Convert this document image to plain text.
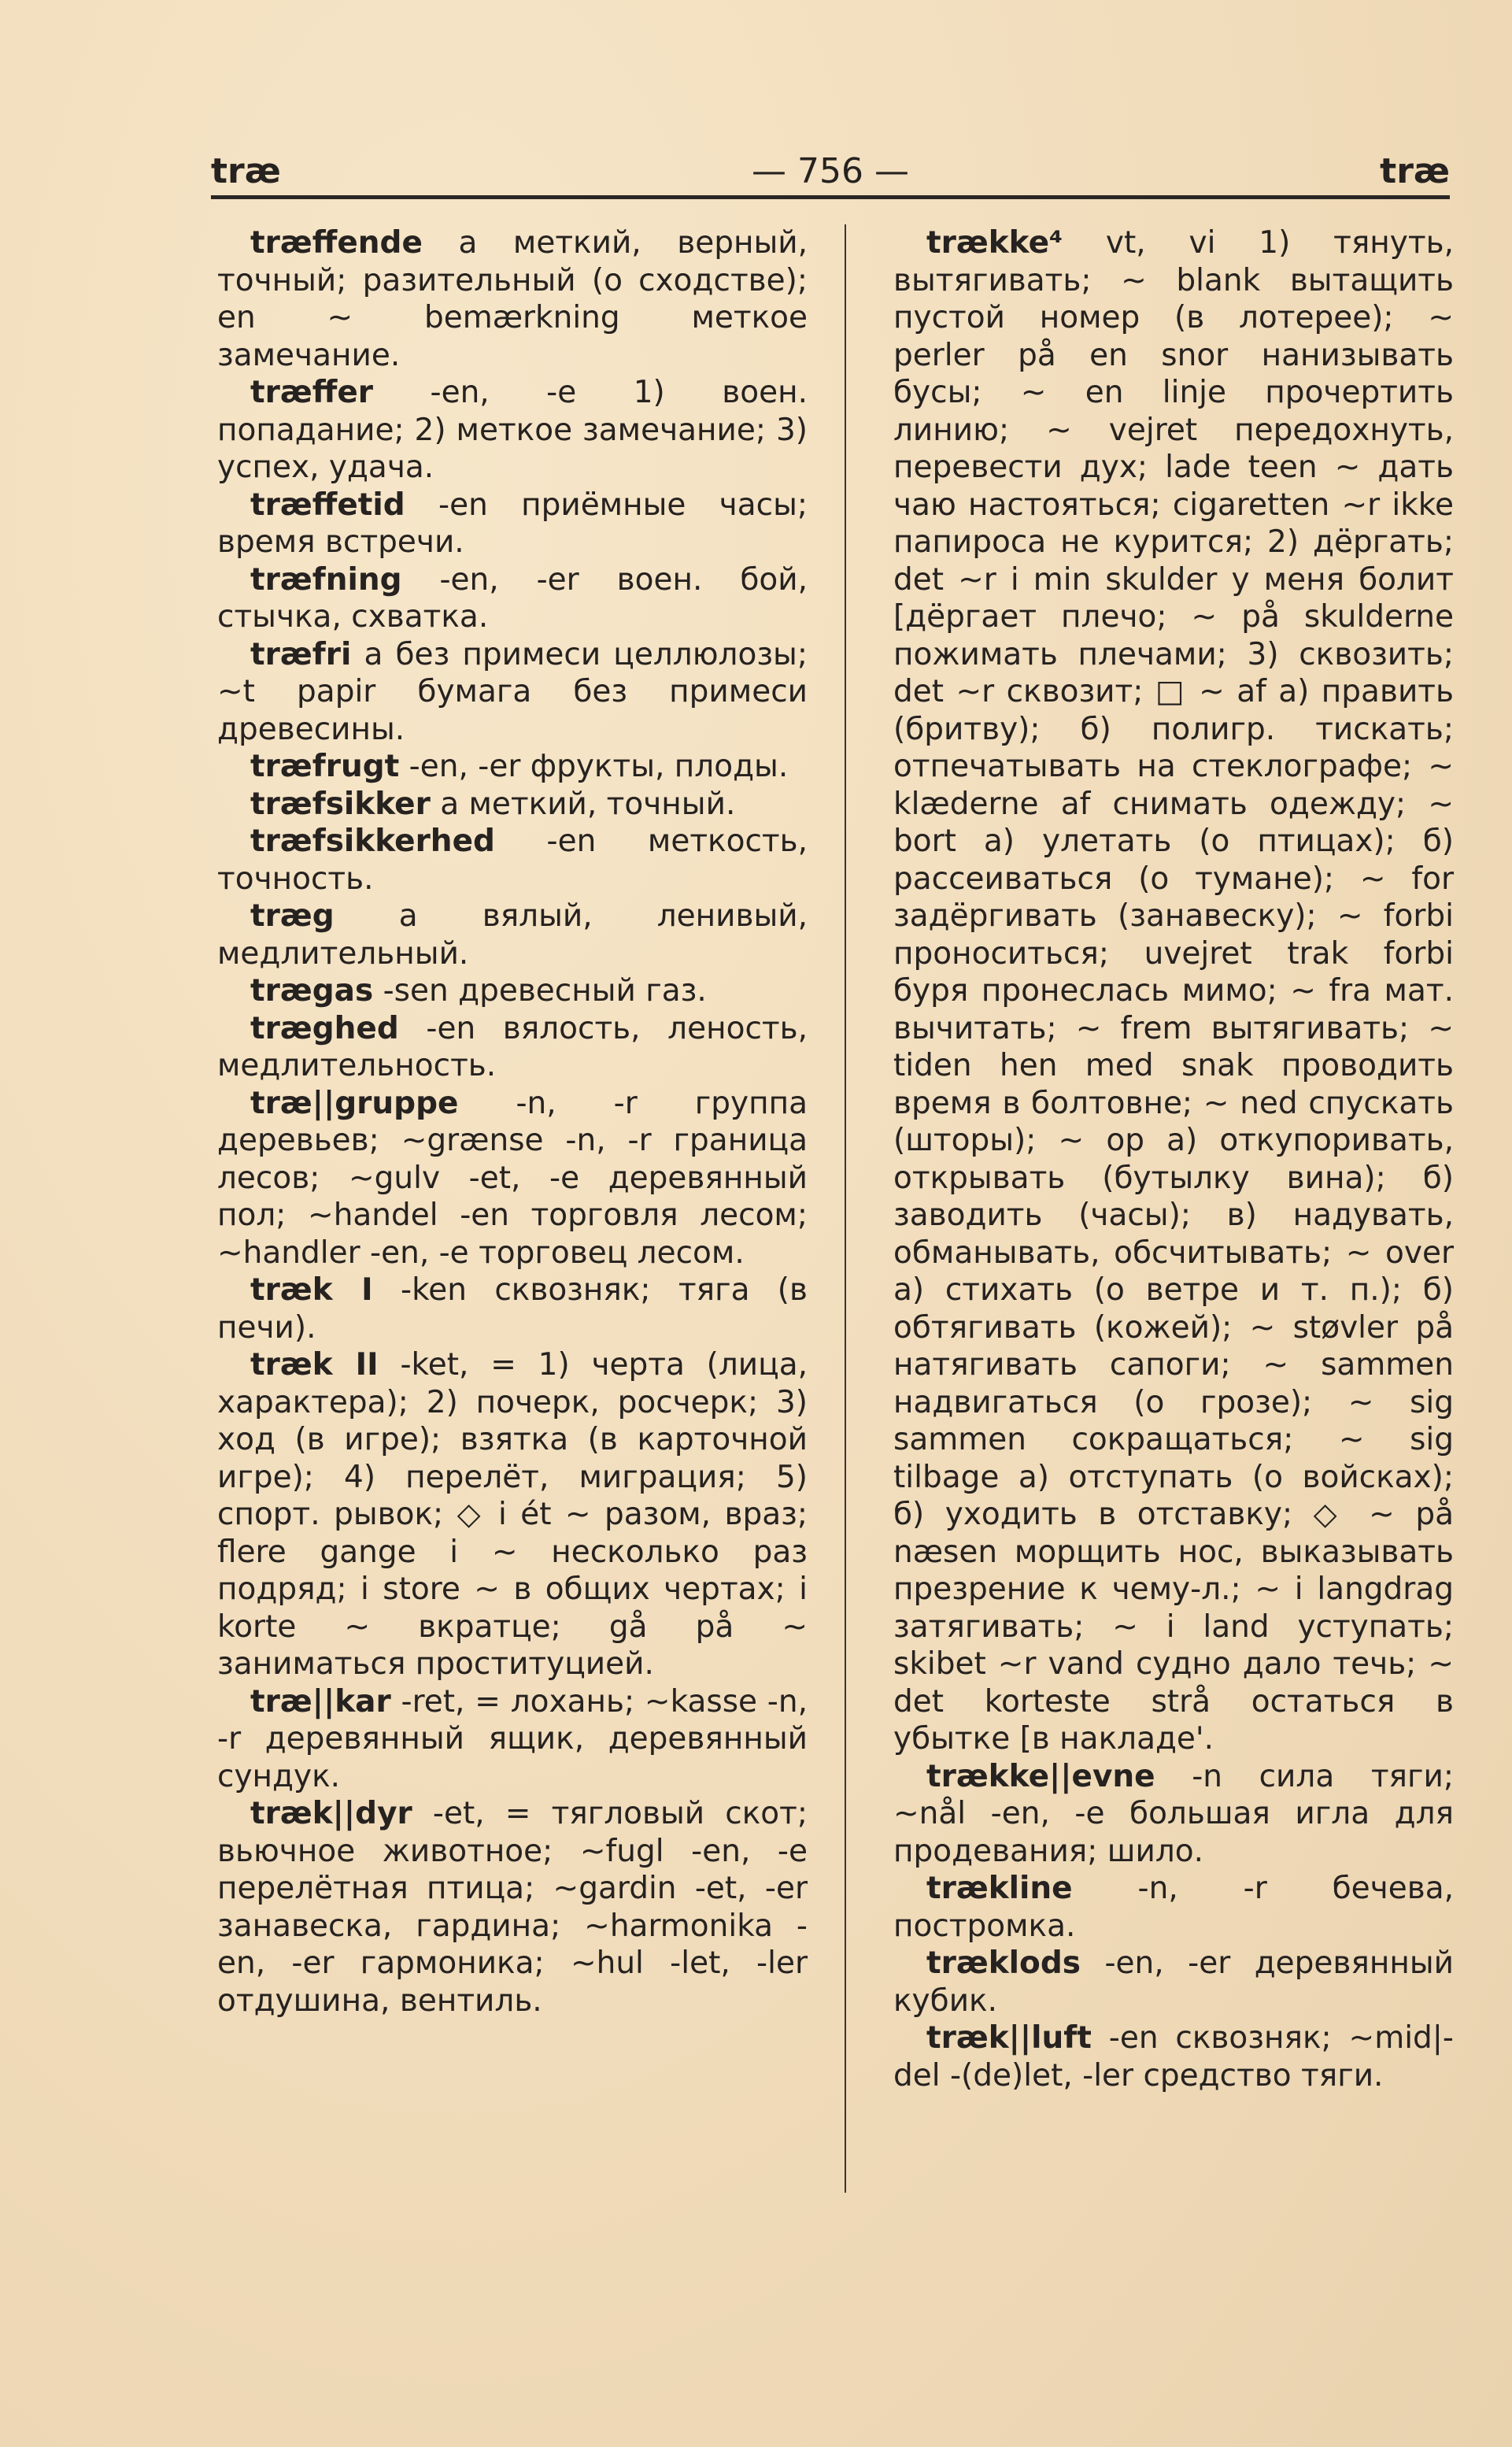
træ	— 756 —	træ

træffende a меткий, верный, точный; разительный (о сходстве); en ~ bemærkning меткое замечание.

træffer -en, -e 1) воен. попадание; 2) меткое замечание; 3) успех, удача.

træffetid -en приёмные часы; время встречи.

træfning -en, -er воен. бой, стычка, схватка.

træfri a без примеси целлюлозы; ~t papir бумага без примеси древесины.

træfrugt -en, -er фрукты, плоды.

træfsikker a меткий, точный.

træfsikkerhed -en меткость, точность.

træg a вялый, ленивый, медлительный.

trægas -sen древесный газ.

træghed -en вялость, леность, медлительность.

træ||gruppe -n, -r группа деревьев; ~grænse -n, -r граница лесов; ~gulv -et, -e деревянный пол; ~handel -en торговля лесом; ~handler -en, -e торговец лесом.

træk I -ken сквозняк; тяга (в печи).

træk II -ket, = 1) черта (лица, характера); 2) почерк, росчерк; 3) ход (в игре); взятка (в карточной игре); 4) перелёт, миграция; 5) спорт. рывок; ◇ i ét ~ разом, враз; flere gange i ~ несколько раз подряд; i store ~ в общих чертах; i korte ~ вкратце; gå på ~ заниматься проституцией.

træ||kar -ret, = лохань; ~kasse -n, -r деревянный ящик, деревянный сундук.

træk||dyr -et, = тягловый скот; вьючное животное; ~fugl -en, -e перелётная птица; ~gardin -et, -er занавеска, гардина; ~harmonika -en, -er гармоника; ~hul -let, -ler отдушина, вентиль.

trække⁴ vt, vi 1) тянуть, вытягивать; ~ blank вытащить пустой номер (в лотерее); ~ perler på en snor нанизывать бусы; ~ en linje прочертить линию; ~ vejret передохнуть, перевести дух; lade teen ~ дать чаю настояться; cigaretten ~r ikke папироса не курится; 2) дёргать; det ~r i min skulder у меня болит [дёргает плечо; ~ på skulderne пожимать плечами; 3) сквозить; det ~r сквозит; □ ~ af а) править (бритву); б) полигр. тискать; отпечатывать на стеклографе; ~ klæderne af снимать одежду; ~ bort а) улетать (о птицах); б) рассеиваться (о тумане); ~ for задёргивать (занавеску); ~ forbi проноситься; uvejret trak forbi буря пронеслась мимо; ~ fra мат. вычитать; ~ frem вытягивать; ~ tiden hen med snak проводить время в болтовне; ~ ned спускать (шторы); ~ op а) откупоривать, открывать (бутылку вина); б) заводить (часы); в) надувать, обманывать, обсчитывать; ~ over а) стихать (о ветре и т. п.); б) обтягивать (кожей); ~ støvler på натягивать сапоги; ~ sammen надвигаться (о грозе); ~ sig sammen сокращаться; ~ sig tilbage а) отступать (о войсках); б) уходить в отставку; ◇ ~ på næsen морщить нос, выказывать презрение к чему-л.; ~ i langdrag затягивать; ~ i land уступать; skibet ~r vand судно дало течь; ~ det korteste strå остаться в убытке [в накладе'.

trække||evne -n сила тяги; ~nål -en, -e большая игла для продевания; шило.

trækline -n, -r бечева, постромка.

træklods -en, -er деревянный кубик.

træk||luft -en сквозняк; ~mid|-del -(de)let, -ler средство тяги.
